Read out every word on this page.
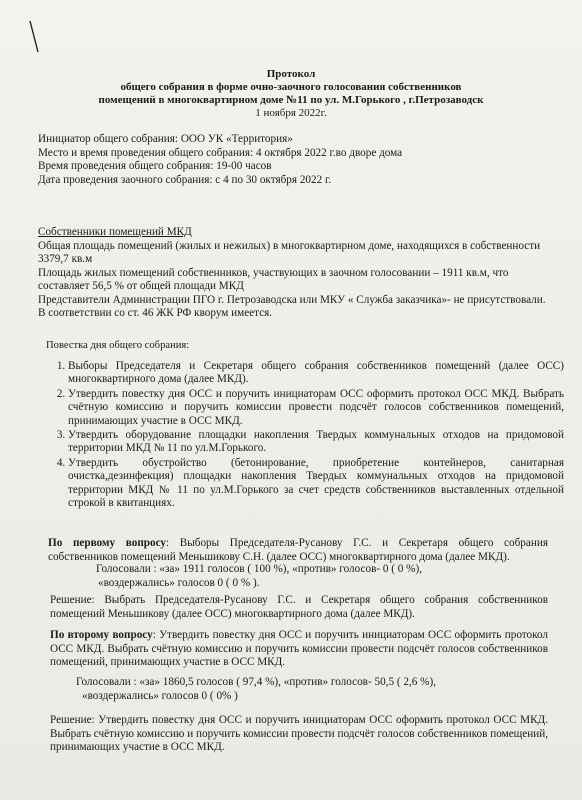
Протокол
общего собрания в форме очно-заочного голосования собственников
помещений в многоквартирном доме №11 по ул. М.Горького , г.Петрозаводск
1 ноября 2022г.
Инициатор общего собрания: ООО УК «Территория»
Место и время проведения общего собрания: 4 октября 2022 г.во дворе дома
Время проведения общего собрания: 19-00 часов
Дата проведения заочного собрания: с 4 по 30 октября 2022 г.
Собственники помещений МКД
Общая площадь помещений (жилых и нежилых) в многоквартирном доме, находящихся в собственности 3379,7 кв.м
Площадь жилых помещений собственников, участвующих в заочном голосовании – 1911 кв.м, что составляет 56,5 % от общей площади МКД
Представители Администрации ПГО г. Петрозаводска или МКУ « Служба заказчика»- не присутствовали.
В соответствии со ст. 46 ЖК РФ кворум имеется.
Повестка дня общего собрания:
1. Выборы Председателя и Секретаря общего собрания собственников помещений (далее ОСС) многоквартирного дома (далее МКД).
2. Утвердить повестку дня ОСС и поручить инициаторам ОСС оформить протокол ОСС МКД. Выбрать счётную комиссию и поручить комиссии провести подсчёт голосов собственников помещений, принимающих участие в ОСС МКД.
3. Утвердить оборудование площадки накопления Твердых коммунальных отходов на придомовой территории МКД № 11 по ул.М.Горького.
4. Утвердить обустройство (бетонирование, приобретение контейнеров, санитарная очистка,дезинфекция) площадки накопления Твердых коммунальных отходов на придомовой территории МКД № 11 по ул.М.Горького за счет средств собственников выставленных отдельной строкой в квитанциях.
По первому вопросу: Выборы Председателя-Русанову Г.С. и Секретаря общего собрания собственников помещений Меньшикову С.Н. (далее ОСС) многоквартирного дома (далее МКД).
Голосовали : «за» 1911 голосов ( 100 %), «против» голосов- 0 ( 0 %),
«воздержались» голосов 0 ( 0 % ).
Решение: Выбрать Председателя-Русанову Г.С. и Секретаря общего собрания собственников помещений Меньшикову (далее ОСС) многоквартирного дома (далее МКД).
По второму вопросу: Утвердить повестку дня ОСС и поручить инициаторам ОСС оформить протокол ОСС МКД. Выбрать счётную комиссию и поручить комиссии провести подсчёт голосов собственников помещений, принимающих участие в ОСС МКД.
Голосовали : «за» 1860,5 голосов ( 97,4 %), «против» голосов- 50,5 ( 2,6 %),
«воздержались» голосов 0 ( 0% )
Решение: Утвердить повестку дня ОСС и поручить инициаторам ОСС оформить протокол ОСС МКД. Выбрать счётную комиссию и поручить комиссии провести подсчёт голосов собственников помещений, принимающих участие в ОСС МКД.
